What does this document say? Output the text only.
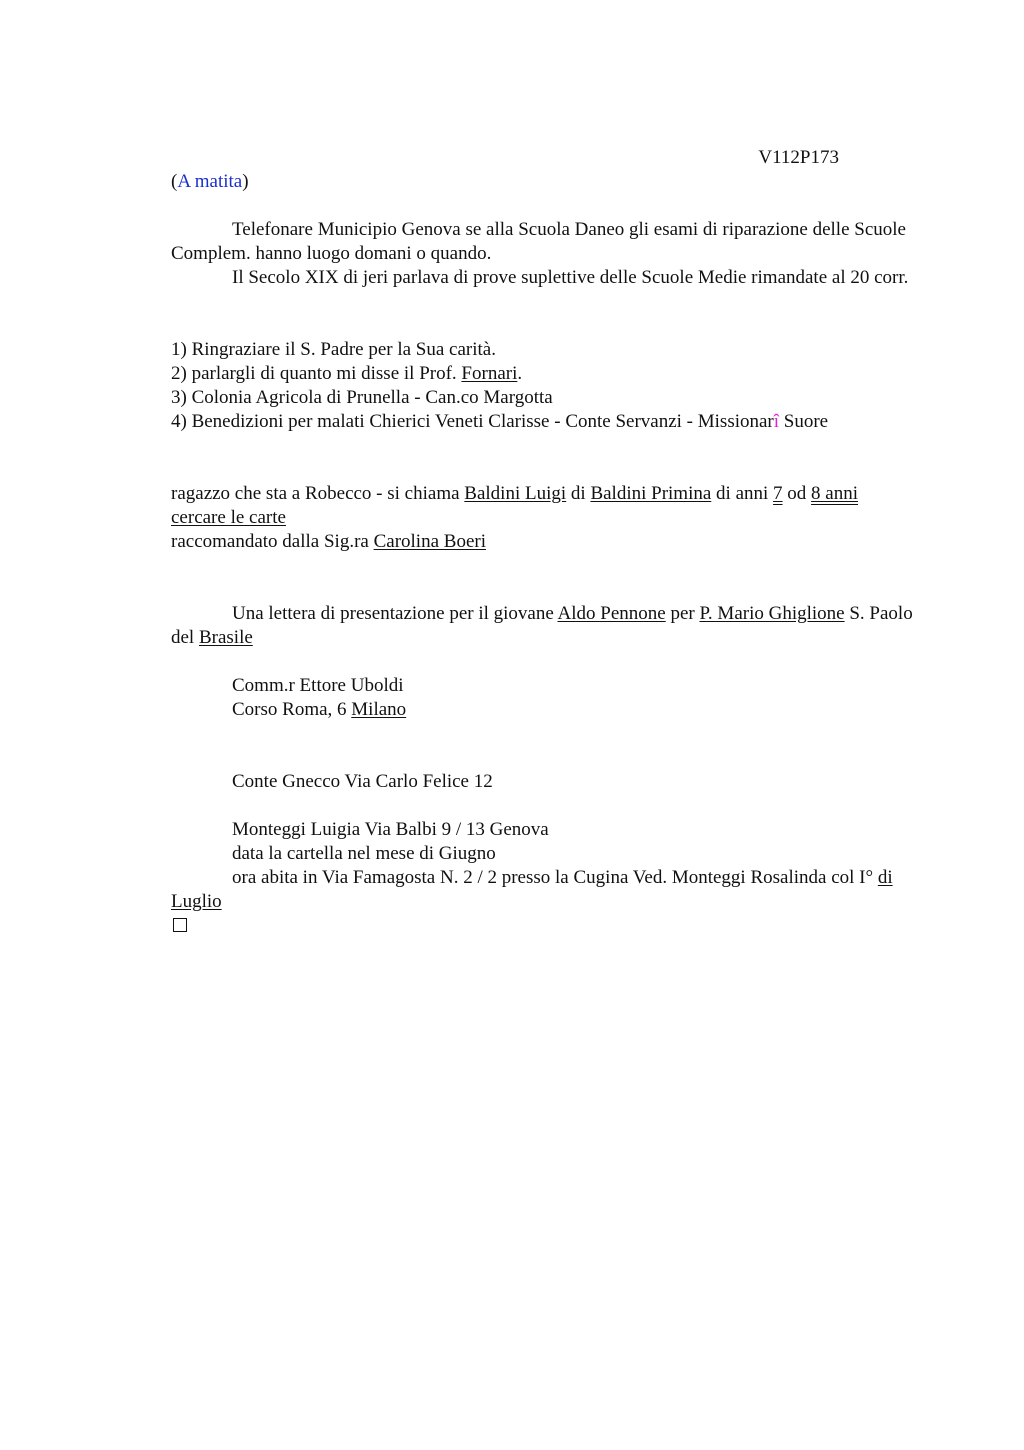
V112P173

(A matita)

Telefonare Municipio Genova se alla Scuola Daneo gli esami di riparazione delle Scuole Complem. hanno luogo domani o quando.

Il Secolo XIX di jeri parlava di prove suplettive delle Scuole Medie rimandate al 20 corr.

1) Ringraziare il S. Padre per la Sua carità.

2) parlargli di quanto mi disse il Prof. Fornari.

3) Colonia Agricola di Prunella - Can.co Margotta

4) Benedizioni per malati Chierici Veneti Clarisse - Conte Servanzi - Missionarî Suore

ragazzo che sta a Robecco - si chiama Baldini Luigi di Baldini Primina di anni 7 od 8 anni
cercare le carte

raccomandato dalla Sig.ra Carolina Boeri

Una lettera di presentazione per il giovane Aldo Pennone per P. Mario Ghiglione S. Paolo del Brasile

Comm.r Ettore Uboldi

Corso Roma, 6 Milano

Conte Gnecco Via Carlo Felice 12

Monteggi Luigia Via Balbi 9 / 13 Genova

data la cartella nel mese di Giugno

ora abita in Via Famagosta N. 2 / 2 presso la Cugina Ved. Monteggi Rosalinda col I° di Luglio
